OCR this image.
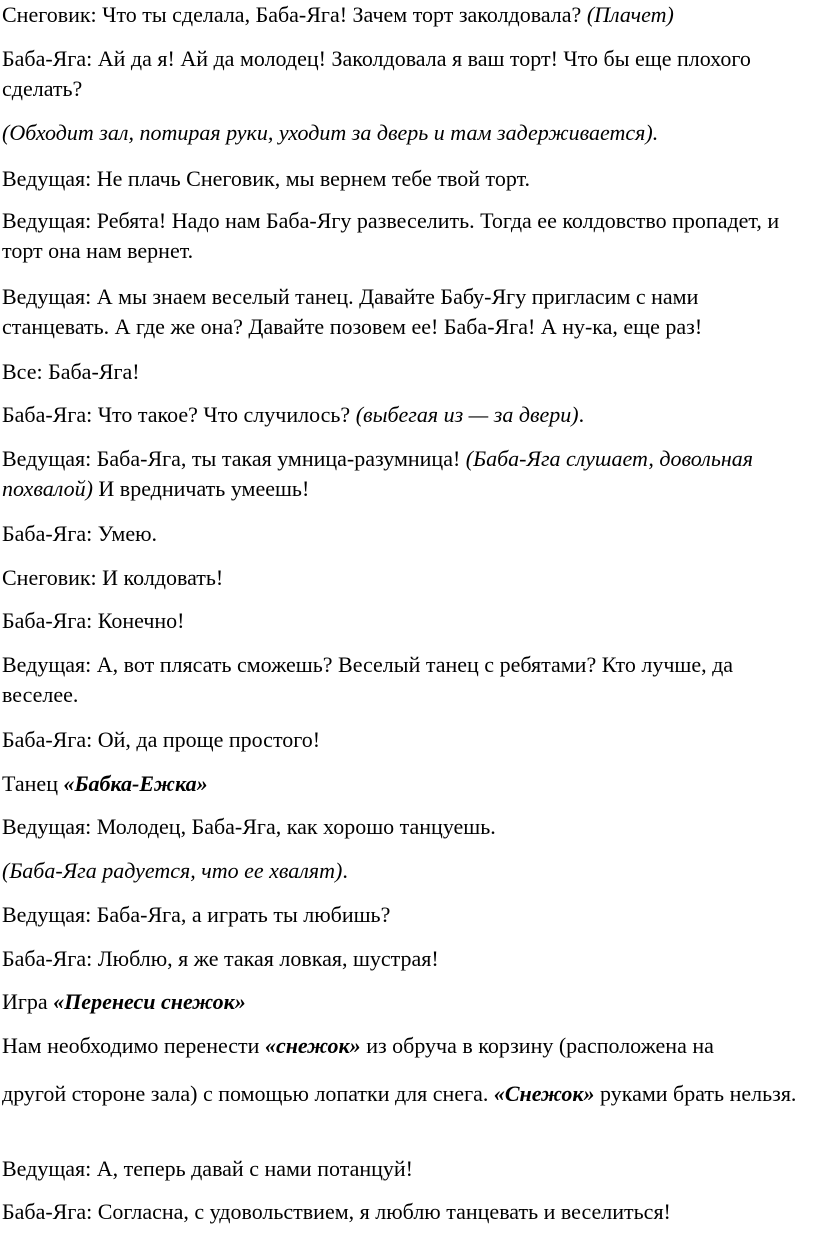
Снеговик: Что ты сделала, Баба-Яга! Зачем торт заколдовала? (Плачет)

Баба-Яга: Ай да я! Ай да молодец! Заколдовала я ваш торт! Что бы еще плохого сделать?

(Обходит зал, потирая руки, уходит за дверь и там задерживается).

Ведущая: Не плачь Снеговик, мы вернем тебе твой торт.

Ведущая: Ребята! Надо нам Баба-Ягу развеселить. Тогда ее колдовство пропадет, и торт она нам вернет.

Ведущая: А мы знаем веселый танец. Давайте Бабу-Ягу пригласим с нами станцевать. А где же она? Давайте позовем ее! Баба-Яга! А ну-ка, еще раз!

Все: Баба-Яга!

Баба-Яга: Что такое? Что случилось? (выбегая из — за двери).

Ведущая: Баба-Яга, ты такая умница-разумница! (Баба-Яга слушает, довольная похвалой) И вредничать умеешь!

Баба-Яга: Умею.

Снеговик: И колдовать!

Баба-Яга: Конечно!

Ведущая: А, вот плясать сможешь? Веселый танец с ребятами? Кто лучше, да веселее.

Баба-Яга: Ой, да проще простого!

Танец «Бабка-Ежка»

Ведущая: Молодец, Баба-Яга, как хорошо танцуешь.

(Баба-Яга радуется, что ее хвалят).

Ведущая: Баба-Яга, а играть ты любишь?

Баба-Яга: Люблю, я же такая ловкая, шустрая!

Игра «Перенеси снежок»

Нам необходимо перенести «снежок» из обруча в корзину (расположена на

другой стороне зала) с помощью лопатки для снега. «Снежок» руками брать нельзя.

Ведущая: А, теперь давай с нами потанцуй!

Баба-Яга: Согласна, с удовольствием, я люблю танцевать и веселиться!
